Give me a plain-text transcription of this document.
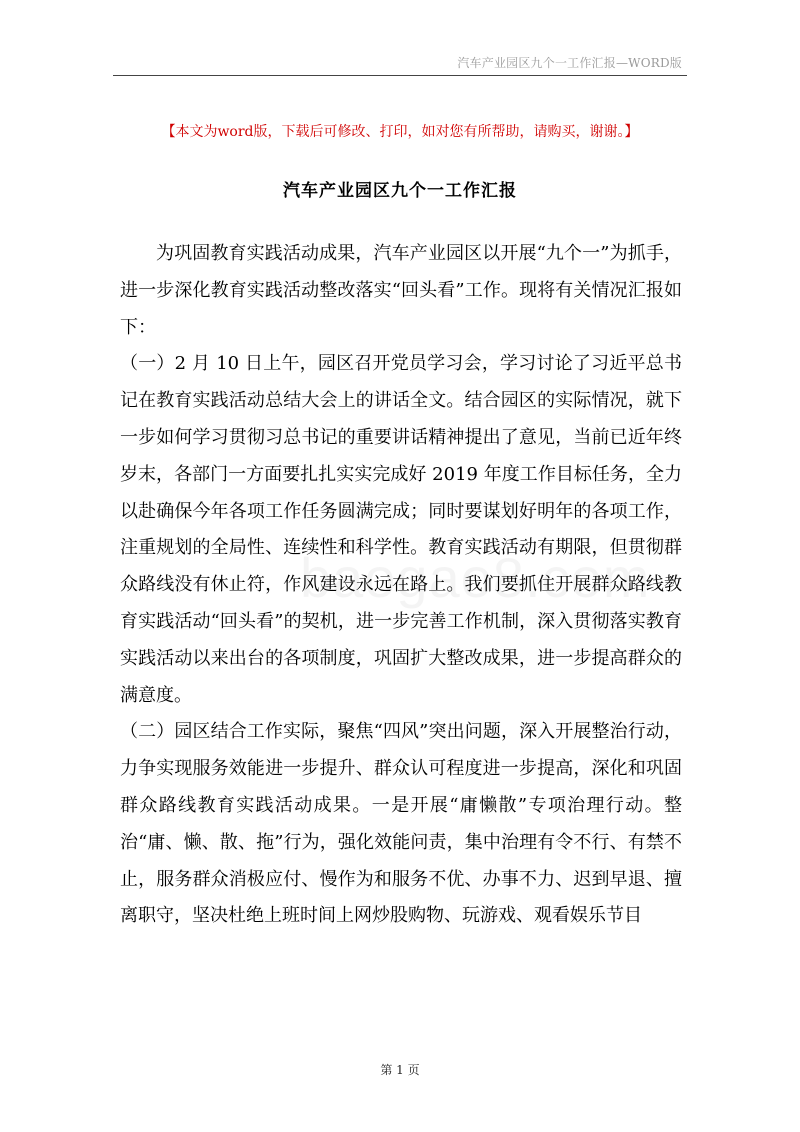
汽车产业园区九个一工作汇报—WORD版
【本文为word版，下载后可修改、打印，如对您有所帮助，请购买，谢谢。】
汽车产业园区九个一工作汇报

为巩固教育实践活动成果，汽车产业园区以开展“九个一”为抓手，进一步深化教育实践活动整改落实“回头看”工作。现将有关情况汇报如下：

（一）2 月 10 日上午，园区召开党员学习会，学习讨论了习近平总书记在教育实践活动总结大会上的讲话全文。结合园区的实际情况，就下一步如何学习贯彻习总书记的重要讲话精神提出了意见，当前已近年终岁末，各部门一方面要扎扎实实完成好 2019 年度工作目标任务，全力以赴确保今年各项工作任务圆满完成；同时要谋划好明年的各项工作，注重规划的全局性、连续性和科学性。教育实践活动有期限，但贯彻群众路线没有休止符，作风建设永远在路上。我们要抓住开展群众路线教育实践活动“回头看”的契机，进一步完善工作机制，深入贯彻落实教育实践活动以来出台的各项制度，巩固扩大整改成果，进一步提高群众的满意度。

（二）园区结合工作实际，聚焦“四风”突出问题，深入开展整治行动，力争实现服务效能进一步提升、群众认可程度进一步提高，深化和巩固群众路线教育实践活动成果。一是开展“庸懒散”专项治理行动。整治“庸、懒、散、拖”行为，强化效能问责，集中治理有令不行、有禁不止，服务群众消极应付、慢作为和服务不优、办事不力、迟到早退、擅离职守，坚决杜绝上班时间上网炒股购物、玩游戏、观看娱乐节目

第 1 页
